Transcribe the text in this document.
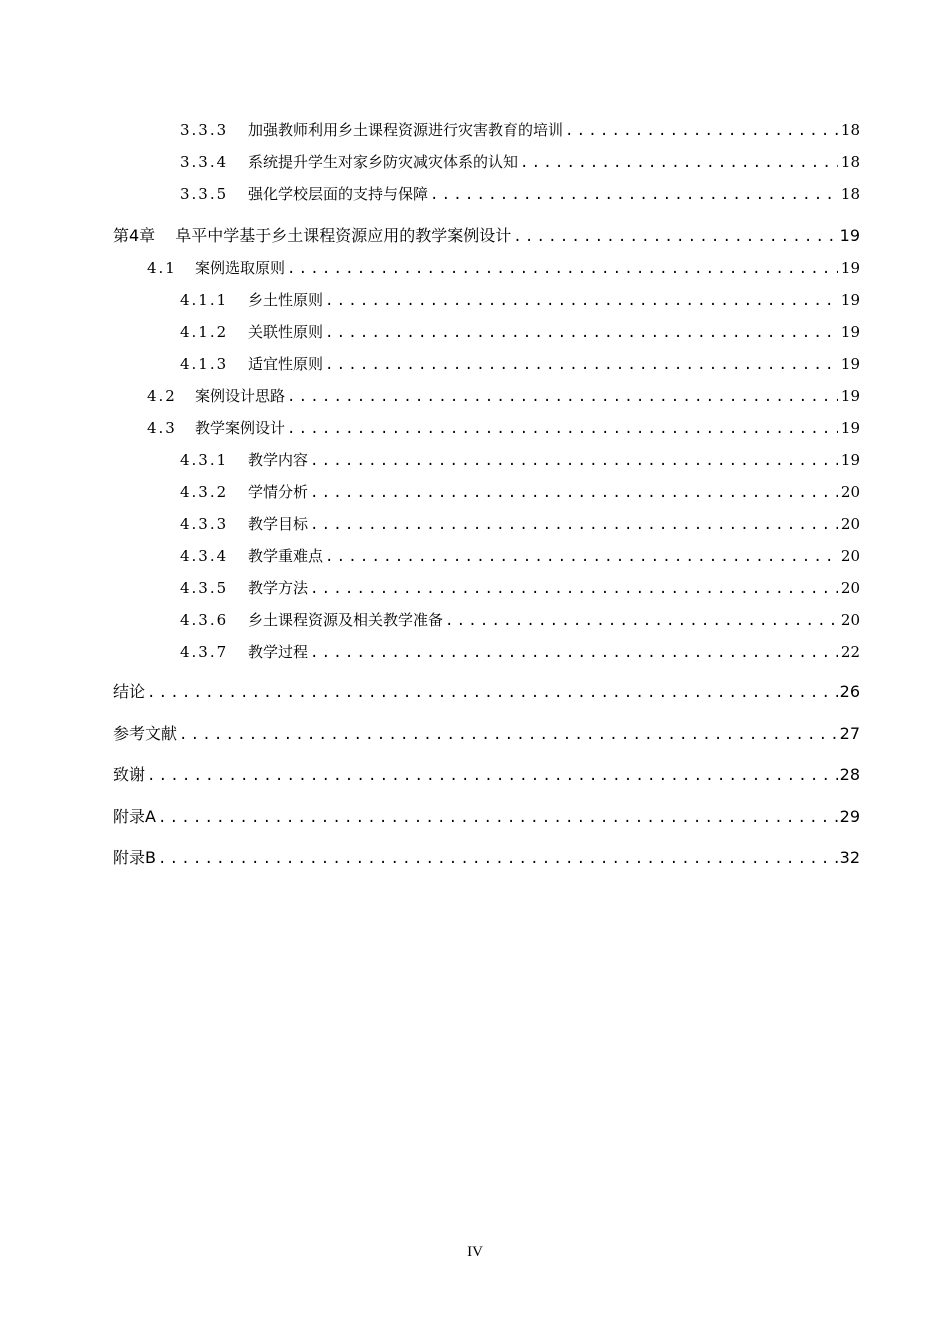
3.3.3	加强教师利用乡土课程资源进行灾害教育的培训 .....	18
3.3.4	系统提升学生对家乡防灾减灾体系的认知 .....	18
3.3.5	强化学校层面的支持与保障 .....	18
第4章 阜平中学基于乡土课程资源应用的教学案例设计 .....	19
4.1	案例选取原则 .....	19
4.1.1	乡土性原则 .....	19
4.1.2	关联性原则 .....	19
4.1.3	适宜性原则 .....	19
4.2	案例设计思路 .....	19
4.3	教学案例设计 .....	19
4.3.1	教学内容 .....	19
4.3.2	学情分析 .....	20
4.3.3	教学目标 .....	20
4.3.4	教学重难点 .....	20
4.3.5	教学方法 .....	20
4.3.6	乡土课程资源及相关教学准备 .....	20
4.3.7	教学过程 .....	22
结论 .....	26
参考文献 .....	27
致谢 .....	28
附录A .....	29
附录B .....	32
IV
